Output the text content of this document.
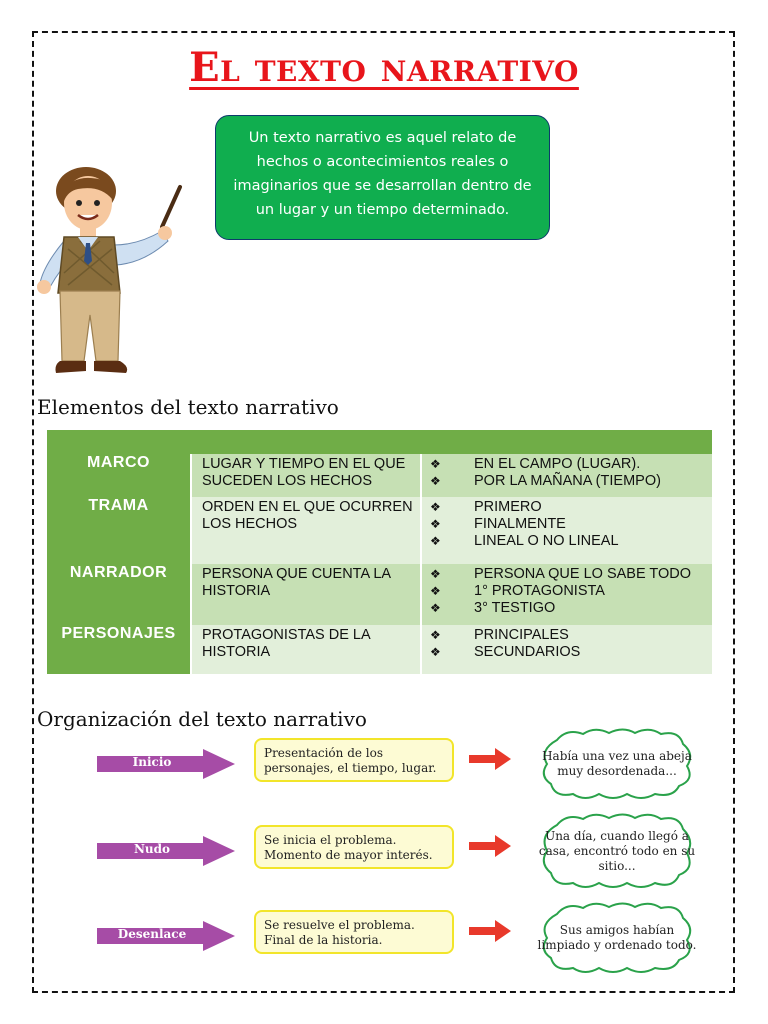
El texto narrativo
Un texto narrativo es aquel relato de hechos o acontecimientos reales o imaginarios que se desarrollan dentro de un lugar y un tiempo determinado.
Elementos del texto narrativo
MARCO	LUGAR Y TIEMPO EN EL QUE SUCEDEN LOS HECHOS
❖	EN EL CAMPO (LUGAR).
❖	POR LA MAÑANA (TIEMPO)
TRAMA	ORDEN EN EL QUE OCURREN LOS HECHOS
❖	PRIMERO
❖	FINALMENTE
❖	LINEAL O NO LINEAL
NARRADOR	PERSONA QUE CUENTA LA HISTORIA
❖	PERSONA QUE LO SABE TODO
❖	1° PROTAGONISTA
❖	3° TESTIGO
PERSONAJES	PROTAGONISTAS DE LA HISTORIA
❖	PRINCIPALES
❖	SECUNDARIOS
Organización del texto narrativo
Inicio
Presentación de los personajes, el tiempo, lugar.
Había una vez una abeja muy desordenada...
Nudo
Se inicia el problema. Momento de mayor interés.
Una día, cuando llegó a casa, encontró todo en su sitio...
Desenlace
Se resuelve el problema. Final de la historia.
Sus amigos habían limpiado y ordenado todo.
